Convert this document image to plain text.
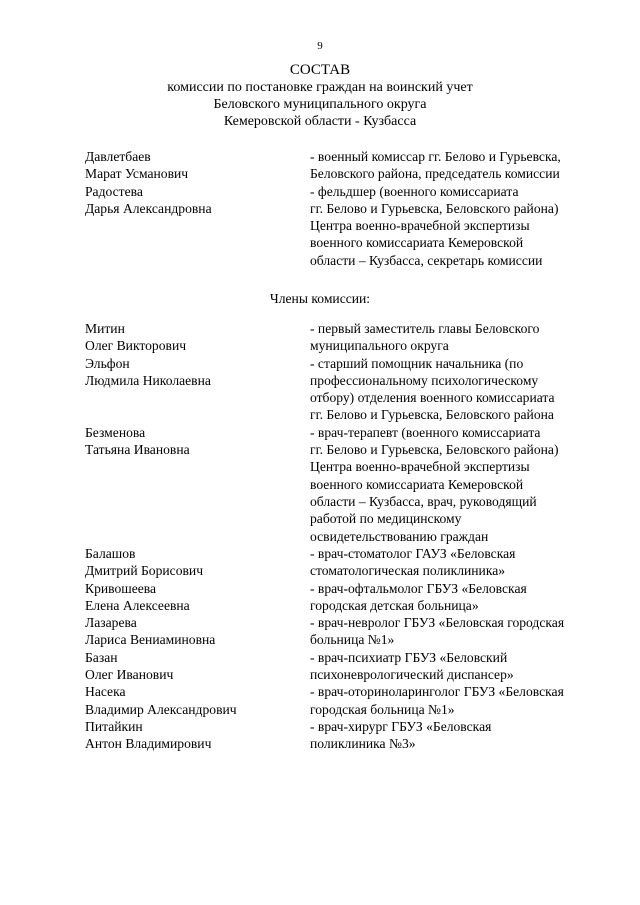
9
СОСТАВ
комиссии по постановке граждан на воинский учет
Беловского муниципального округа
Кемеровской области - Кузбасса
Давлетбаев
Марат Усманович
- военный комиссар гг. Белово и Гурьевска,
Беловского района, председатель комиссии
Радостева
Дарья Александровна
- фельдшер (военного комиссариата
гг. Белово и Гурьевска, Беловского района)
Центра военно-врачебной экспертизы
военного комиссариата Кемеровской
области – Кузбасса, секретарь комиссии
Члены комиссии:
Митин
Олег Викторович
- первый заместитель главы Беловского
муниципального округа
Эльфон
Людмила Николаевна
- старший помощник начальника (по
профессиональному психологическому
отбору) отделения военного комиссариата
гг. Белово и Гурьевска, Беловского района
Безменова
Татьяна Ивановна
- врач-терапевт (военного комиссариата
гг. Белово и Гурьевска, Беловского района)
Центра военно-врачебной экспертизы
военного комиссариата Кемеровской
области – Кузбасса, врач, руководящий
работой по медицинскому
освидетельствованию граждан
Балашов
Дмитрий Борисович
- врач-стоматолог ГАУЗ «Беловская
стоматологическая поликлиника»
Кривошеева
Елена Алексеевна
- врач-офтальмолог ГБУЗ «Беловская
городская детская больница»
Лазарева
Лариса Вениаминовна
- врач-невролог ГБУЗ «Беловская городская
больница №1»
Базан
Олег Иванович
- врач-психиатр ГБУЗ «Беловский
психоневрологический диспансер»
Насека
Владимир Александрович
- врач-оториноларинголог ГБУЗ «Беловская
городская больница №1»
Питайкин
Антон Владимирович
- врач-хирург ГБУЗ «Беловская
поликлиника №3»
